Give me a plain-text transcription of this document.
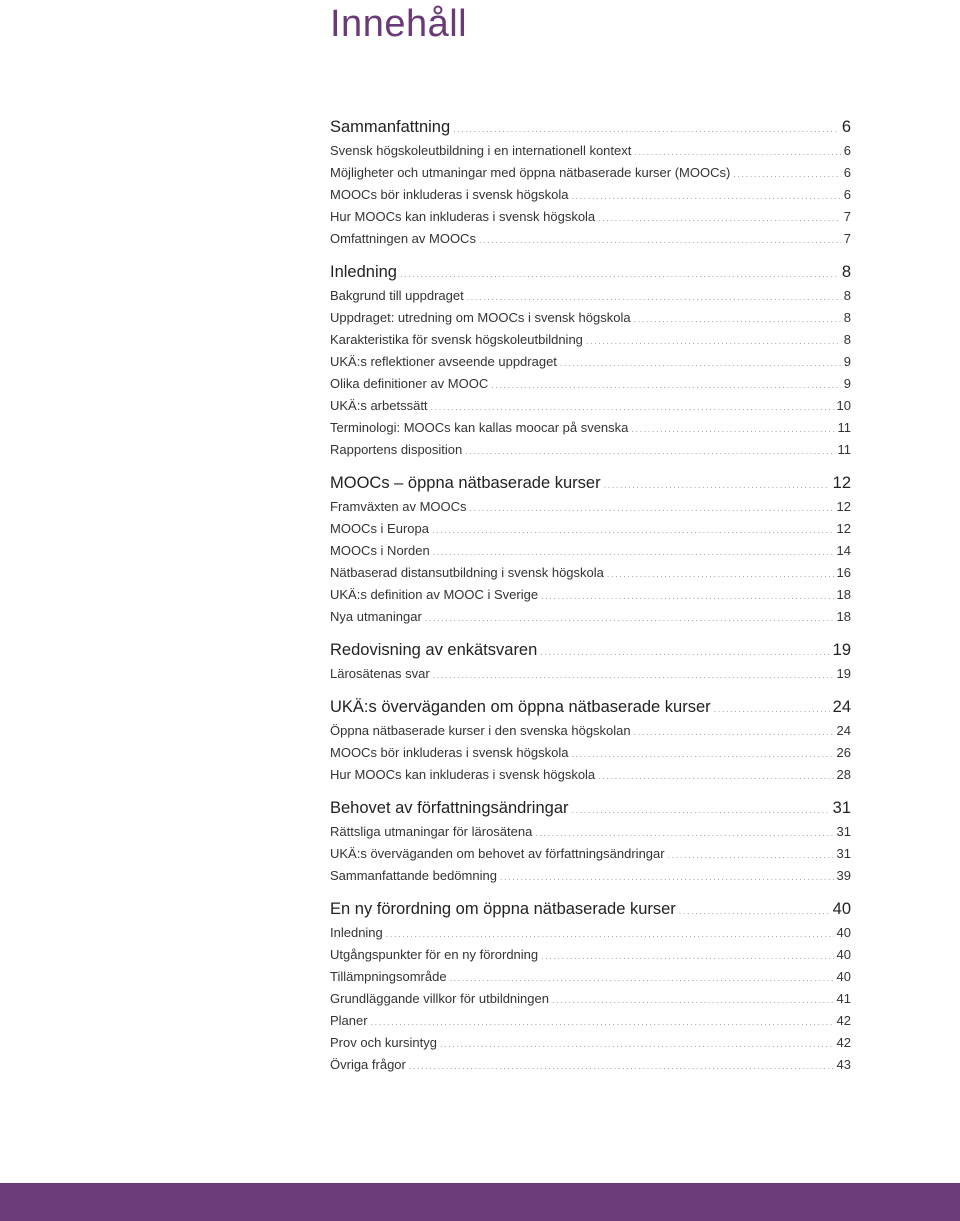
Innehåll
Sammanfattning .....	6
Svensk högskoleutbildning i en internationell kontext .....	6
Möjligheter och utmaningar med öppna nätbaserade kurser (MOOCs) .....	6
MOOCs bör inkluderas i svensk högskola .....	6
Hur MOOCs kan inkluderas i svensk högskola .....	7
Omfattningen av MOOCs .....	7
Inledning .....	8
Bakgrund till uppdraget .....	8
Uppdraget: utredning om MOOCs i svensk högskola .....	8
Karakteristika för svensk högskoleutbildning .....	8
UKÄ:s reflektioner avseende uppdraget .....	9
Olika definitioner av MOOC .....	9
UKÄ:s arbetssätt .....	10
Terminologi: MOOCs kan kallas moocar på svenska .....	11
Rapportens disposition .....	11
MOOCs – öppna nätbaserade kurser .....	12
Framväxten av MOOCs .....	12
MOOCs i Europa .....	12
MOOCs i Norden .....	14
Nätbaserad distansutbildning i svensk högskola .....	16
UKÄ:s definition av MOOC i Sverige .....	18
Nya utmaningar .....	18
Redovisning av enkätsvaren .....	19
Lärosätenas svar .....	19
UKÄ:s överväganden om öppna nätbaserade kurser .....	24
Öppna nätbaserade kurser i den svenska högskolan .....	24
MOOCs bör inkluderas i svensk högskola .....	26
Hur MOOCs kan inkluderas i svensk högskola .....	28
Behovet av författningsändringar .....	31
Rättsliga utmaningar för lärosätena .....	31
UKÄ:s överväganden om behovet av författningsändringar .....	31
Sammanfattande bedömning .....	39
En ny förordning om öppna nätbaserade kurser .....	40
Inledning .....	40
Utgångspunkter för en ny förordning .....	40
Tillämpningsområde .....	40
Grundläggande villkor för utbildningen .....	41
Planer .....	42
Prov och kursintyg .....	42
Övriga frågor .....	43
